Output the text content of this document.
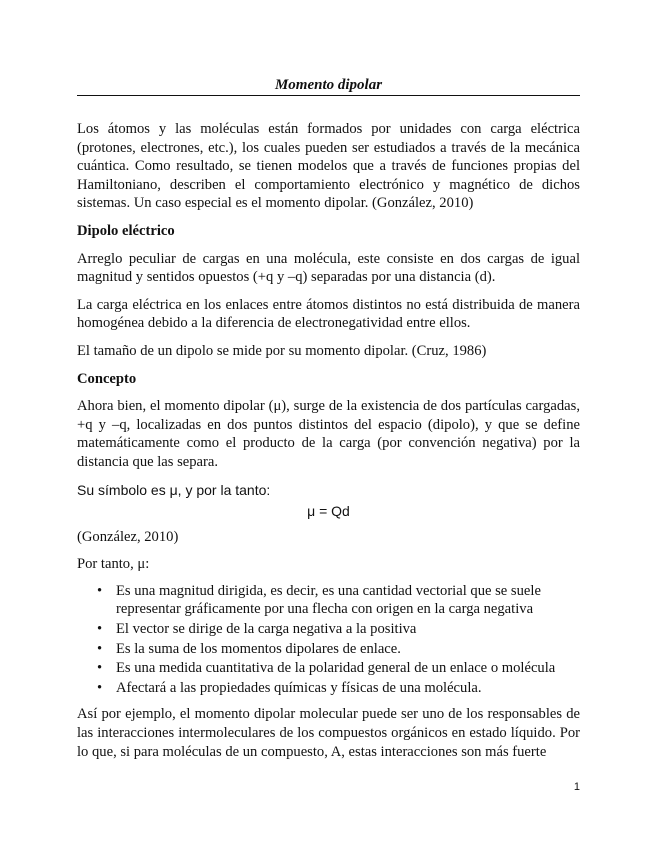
Momento dipolar

Los átomos y las moléculas están formados por unidades con carga eléctrica (protones, electrones, etc.), los cuales pueden ser estudiados a través de la mecánica cuántica. Como resultado, se tienen modelos que a través de funciones propias del Hamiltoniano, describen el comportamiento electrónico y magnético de dichos sistemas. Un caso especial es el momento dipolar. (González, 2010)

Dipolo eléctrico

Arreglo peculiar de cargas en una molécula, este consiste en dos cargas de igual magnitud y sentidos opuestos (+q y –q) separadas por una distancia (d).

La carga eléctrica en los enlaces entre átomos distintos no está distribuida de manera homogénea debido a la diferencia de electronegatividad entre ellos.

El tamaño de un dipolo se mide por su momento dipolar. (Cruz, 1986)

Concepto

Ahora bien, el momento dipolar (μ), surge de la existencia de dos partículas cargadas, +q y –q, localizadas en dos puntos distintos del espacio (dipolo), y que se define matemáticamente como el producto de la carga (por convención negativa) por la distancia que las separa.

Su símbolo es μ, y por la tanto:

μ = Qd

(González, 2010)

Por tanto, μ:

• Es una magnitud dirigida, es decir, es una cantidad vectorial que se suele representar gráficamente por una flecha con origen en la carga negativa
• El vector se dirige de la carga negativa a la positiva
• Es la suma de los momentos dipolares de enlace.
• Es una medida cuantitativa de la polaridad general de un enlace o molécula
• Afectará a las propiedades químicas y físicas de una molécula.

Así por ejemplo, el momento dipolar molecular puede ser uno de los responsables de las interacciones intermoleculares de los compuestos orgánicos en estado líquido. Por lo que, si para moléculas de un compuesto, A, estas interacciones son más fuerte

1
